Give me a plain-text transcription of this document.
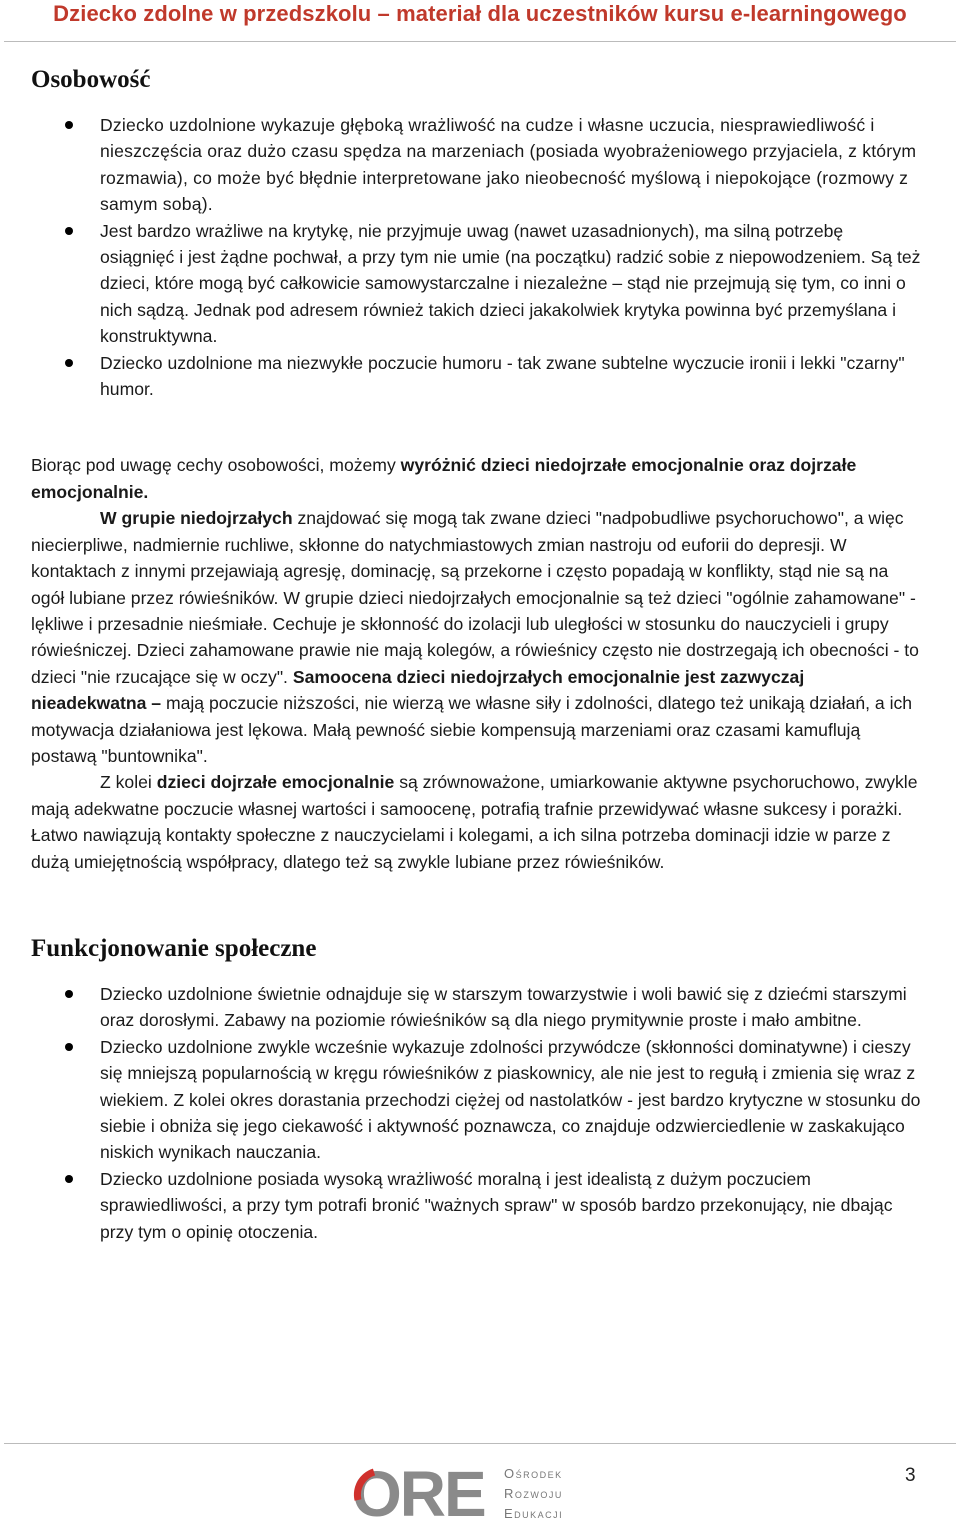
Dziecko zdolne w przedszkolu – materiał dla uczestników kursu e-learningowego
Osobowość
Dziecko uzdolnione wykazuje głęboką wrażliwość na cudze i własne uczucia, niesprawiedliwość i nieszczęścia oraz dużo czasu spędza na marzeniach (posiada wyobrażeniowego przyjaciela, z którym rozmawia), co może być błędnie interpretowane jako nieobecność myślową i niepokojące (rozmowy z samym sobą).
Jest bardzo wrażliwe na krytykę, nie przyjmuje uwag (nawet uzasadnionych), ma silną potrzebę osiągnięć i jest żądne pochwał, a przy tym nie umie (na początku) radzić sobie z niepowodzeniem. Są też dzieci, które mogą być całkowicie samowystarczalne i niezależne – stąd nie przejmują się tym, co inni o nich sądzą. Jednak pod adresem również takich dzieci jakakolwiek krytyka powinna być przemyślana i konstruktywna.
Dziecko uzdolnione ma niezwykłe poczucie humoru - tak zwane subtelne wyczucie ironii i lekki "czarny" humor.

Biorąc pod uwagę cechy osobowości, możemy wyróżnić dzieci niedojrzałe emocjonalnie oraz dojrzałe emocjonalnie.

W grupie niedojrzałych znajdować się mogą tak zwane dzieci "nadpobudliwe psychoruchowo", a więc niecierpliwe, nadmiernie ruchliwe, skłonne do natychmiastowych zmian nastroju od euforii do depresji. W kontaktach z innymi przejawiają agresję, dominację, są przekorne i często popadają w konflikty, stąd nie są na ogół lubiane przez rówieśników. W grupie dzieci niedojrzałych emocjonalnie są też dzieci "ogólnie zahamowane" -lękliwe i przesadnie nieśmiałe. Cechuje je skłonność do izolacji lub uległości w stosunku do nauczycieli i grupy rówieśniczej. Dzieci zahamowane prawie nie mają kolegów, a rówieśnicy często nie dostrzegają ich obecności - to dzieci "nie rzucające się w oczy". Samoocena dzieci niedojrzałych emocjonalnie jest zazwyczaj nieadekwatna – mają poczucie niższości, nie wierzą we własne siły i zdolności, dlatego też unikają działań, a ich motywacja działaniowa jest lękowa. Małą pewność siebie kompensują marzeniami oraz czasami kamuflują postawą "buntownika".

Z kolei dzieci dojrzałe emocjonalnie są zrównoważone, umiarkowanie aktywne psychoruchowo, zwykle mają adekwatne poczucie własnej wartości i samoocenę, potrafią trafnie przewidywać własne sukcesy i porażki. Łatwo nawiązują kontakty społeczne z nauczycielami i kolegami, a ich silna potrzeba dominacji idzie w parze z dużą umiejętnością współpracy, dlatego też są zwykle lubiane przez rówieśników.

Funkcjonowanie społeczne
Dziecko uzdolnione świetnie odnajduje się w starszym towarzystwie i woli bawić się z dziećmi starszymi oraz dorosłymi. Zabawy na poziomie rówieśników są dla niego prymitywnie proste i mało ambitne.
Dziecko uzdolnione zwykle wcześnie wykazuje zdolności przywódcze (skłonności dominatywne) i cieszy się mniejszą popularnością w kręgu rówieśników z piaskownicy, ale nie jest to regułą i zmienia się wraz z wiekiem. Z kolei okres dorastania przechodzi ciężej od nastolatków - jest bardzo krytyczne w stosunku do siebie i obniża się jego ciekawość i aktywność poznawcza, co znajduje odzwierciedlenie w zaskakująco niskich wynikach nauczania.
Dziecko uzdolnione posiada wysoką wrażliwość moralną i jest idealistą z dużym poczuciem sprawiedliwości, a przy tym potrafi bronić "ważnych spraw" w sposób bardzo przekonujący, nie dbając przy tym o opinię otoczenia.
ORE Ośrodek
Rozwoju
Edukacji
3
